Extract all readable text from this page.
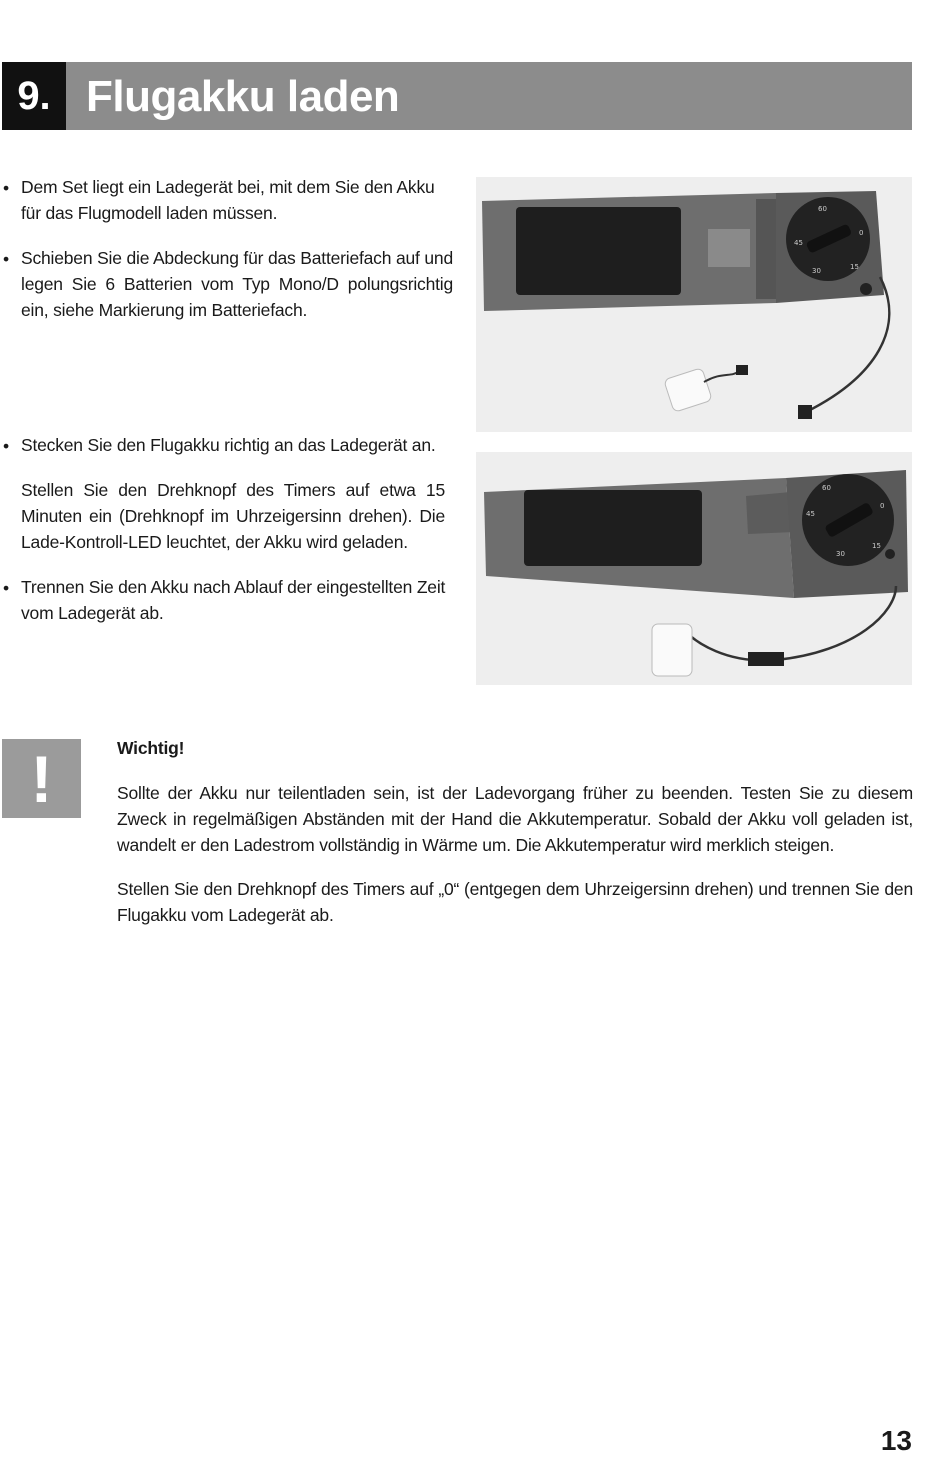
9. Flugakku laden
• Dem Set liegt ein Ladegerät bei, mit dem Sie den Akku für das Flugmodell laden müssen.
• Schieben Sie die Abdeckung für das Batteriefach auf und legen Sie 6 Batterien vom Typ Mono/D polungsrichtig ein, siehe Markierung im Batteriefach.
• Stecken Sie den Flugakku richtig an das Ladegerät an.
Stellen Sie den Drehknopf des Timers auf etwa 15 Minuten ein (Drehknopf im Uhrzeigersinn drehen). Die Lade-Kontroll-LED leuchtet, der Akku wird geladen.
• Trennen Sie den Akku nach Ablauf der eingestellten Zeit vom Ladegerät ab.
60
45
0
30	15
60
45
0
30
15
!	Wichtig!
Sollte der Akku nur teilentladen sein, ist der Ladevorgang früher zu beenden. Testen Sie zu diesem Zweck in regelmäßigen Abständen mit der Hand die Akkutemperatur. Sobald der Akku voll geladen ist, wandelt er den Ladestrom vollständig in Wärme um. Die Akkutemperatur wird merklich steigen.
Stellen Sie den Drehknopf des Timers auf „0“ (entgegen dem Uhrzeigersinn drehen) und trennen Sie den Flugakku vom Ladegerät ab.
13
